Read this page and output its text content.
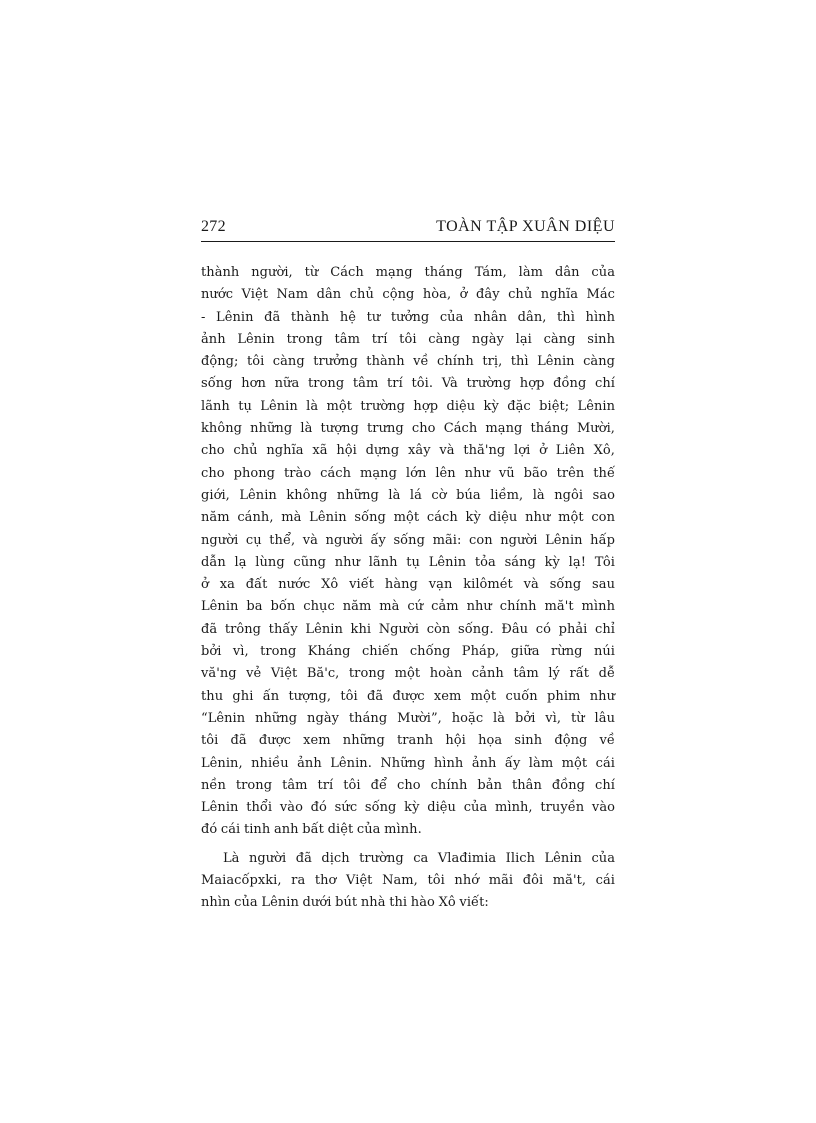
272	TOÀN TẬP XUÂN DIỆU

thành người, từ Cách mạng tháng Tám, làm dân của

nước Việt Nam dân chủ cộng hòa, ở đây chủ nghĩa Mác

- Lênin đã thành hệ tư tưởng của nhân dân, thì hình

ảnh Lênin trong tâm trí tôi càng ngày lại càng sinh

động; tôi càng trưởng thành về chính trị, thì Lênin càng

sống hơn nữa trong tâm trí tôi. Và trường hợp đồng chí

lãnh tụ Lênin là một trường hợp diệu kỳ đặc biệt; Lênin

không những là tượng trưng cho Cách mạng tháng Mười,

cho chủ nghĩa xã hội dựng xây và thă'ng lợi ở Liên Xô,

cho phong trào cách mạng lớn lên như vũ bão trên thế

giới, Lênin không những là lá cờ búa liềm, là ngôi sao

năm cánh, mà Lênin sống một cách kỳ diệu như một con

người cụ thể, và người ấy sống mãi: con người Lênin hấp

dẫn lạ lùng cũng như lãnh tụ Lênin tỏa sáng kỳ lạ! Tôi

ở xa đất nước Xô viết hàng vạn kilômét và sống sau

Lênin ba bốn chục năm mà cứ cảm như chính mă't mình

đã trông thấy Lênin khi Người còn sống. Đâu có phải chỉ

bởi vì, trong Kháng chiến chống Pháp, giữa rừng núi

vă'ng vẻ Việt Bă'c, trong một hoàn cảnh tâm lý rất dễ

thu ghi ấn tượng, tôi đã được xem một cuốn phim như

“Lênin những ngày tháng Mười”, hoặc là bởi vì, từ lâu

tôi đã được xem những tranh hội họa sinh động về

Lênin, nhiều ảnh Lênin. Những hình ảnh ấy làm một cái

nền trong tâm trí tôi để cho chính bản thân đồng chí

Lênin thổi vào đó sức sống kỳ diệu của mình, truyền vào

đó cái tinh anh bất diệt của mình.

Là người đã dịch trường ca Vlađimia Ilich Lênin của

Maiacốpxki, ra thơ Việt Nam, tôi nhớ mãi đôi mă't, cái

nhìn của Lênin dưới bút nhà thi hào Xô viết:
